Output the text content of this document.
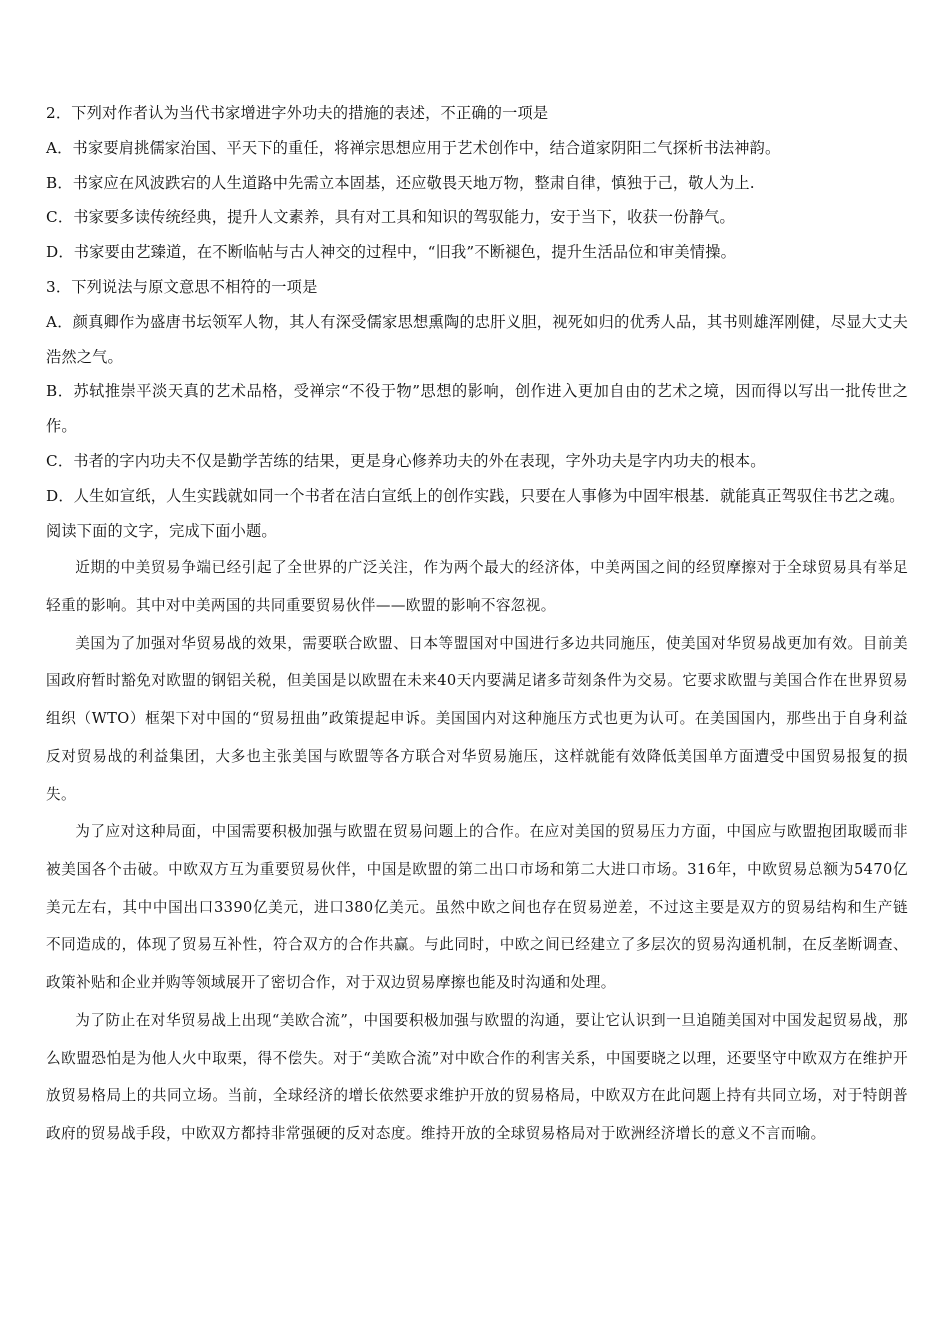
2．下列对作者认为当代书家增进字外功夫的措施的表述，不正确的一项是

A．书家要肩挑儒家治国、平天下的重任，将禅宗思想应用于艺术创作中，结合道家阴阳二气探析书法神韵。

B．书家应在风波跌宕的人生道路中先需立本固基，还应敬畏天地万物，整肃自律，慎独于己，敬人为上.

C．书家要多读传统经典，提升人文素养，具有对工具和知识的驾驭能力，安于当下，收获一份静气。

D．书家要由艺臻道，在不断临帖与古人神交的过程中，“旧我”不断褪色，提升生活品位和审美情操。

3．下列说法与原文意思不相符的一项是

A．颜真卿作为盛唐书坛领军人物，其人有深受儒家思想熏陶的忠肝义胆，视死如归的优秀人品，其书则雄浑刚健，尽显大丈夫浩然之气。

B．苏轼推崇平淡天真的艺术品格，受禅宗“不役于物”思想的影响，创作进入更加自由的艺术之境，因而得以写出一批传世之作。

C．书者的字内功夫不仅是勤学苦练的结果，更是身心修养功夫的外在表现，字外功夫是字内功夫的根本。

D．人生如宣纸，人生实践就如同一个书者在洁白宣纸上的创作实践，只要在人事修为中固牢根基．就能真正驾驭住书艺之魂。

阅读下面的文字，完成下面小题。

近期的中美贸易争端已经引起了全世界的广泛关注，作为两个最大的经济体，中美两国之间的经贸摩擦对于全球贸易具有举足轻重的影响。其中对中美两国的共同重要贸易伙伴——欧盟的影响不容忽视。

美国为了加强对华贸易战的效果，需要联合欧盟、日本等盟国对中国进行多边共同施压，使美国对华贸易战更加有效。目前美国政府暂时豁免对欧盟的钢铝关税，但美国是以欧盟在未来40天内要满足诸多苛刻条件为交易。它要求欧盟与美国合作在世界贸易组织（WTO）框架下对中国的“贸易扭曲”政策提起申诉。美国国内对这种施压方式也更为认可。在美国国内，那些出于自身利益反对贸易战的利益集团，大多也主张美国与欧盟等各方联合对华贸易施压，这样就能有效降低美国单方面遭受中国贸易报复的损失。

为了应对这种局面，中国需要积极加强与欧盟在贸易问题上的合作。在应对美国的贸易压力方面，中国应与欧盟抱团取暖而非被美国各个击破。中欧双方互为重要贸易伙伴，中国是欧盟的第二出口市场和第二大进口市场。316年，中欧贸易总额为5470亿美元左右，其中中国出口3390亿美元，进口380亿美元。虽然中欧之间也存在贸易逆差，不过这主要是双方的贸易结构和生产链不同造成的，体现了贸易互补性，符合双方的合作共赢。与此同时，中欧之间已经建立了多层次的贸易沟通机制，在反垄断调查、政策补贴和企业并购等领域展开了密切合作，对于双边贸易摩擦也能及时沟通和处理。

为了防止在对华贸易战上出现“美欧合流”，中国要积极加强与欧盟的沟通，要让它认识到一旦追随美国对中国发起贸易战，那么欧盟恐怕是为他人火中取栗，得不偿失。对于“美欧合流”对中欧合作的利害关系，中国要晓之以理，还要坚守中欧双方在维护开放贸易格局上的共同立场。当前，全球经济的增长依然要求维护开放的贸易格局，中欧双方在此问题上持有共同立场，对于特朗普政府的贸易战手段，中欧双方都持非常强硬的反对态度。维持开放的全球贸易格局对于欧洲经济增长的意义不言而喻。
